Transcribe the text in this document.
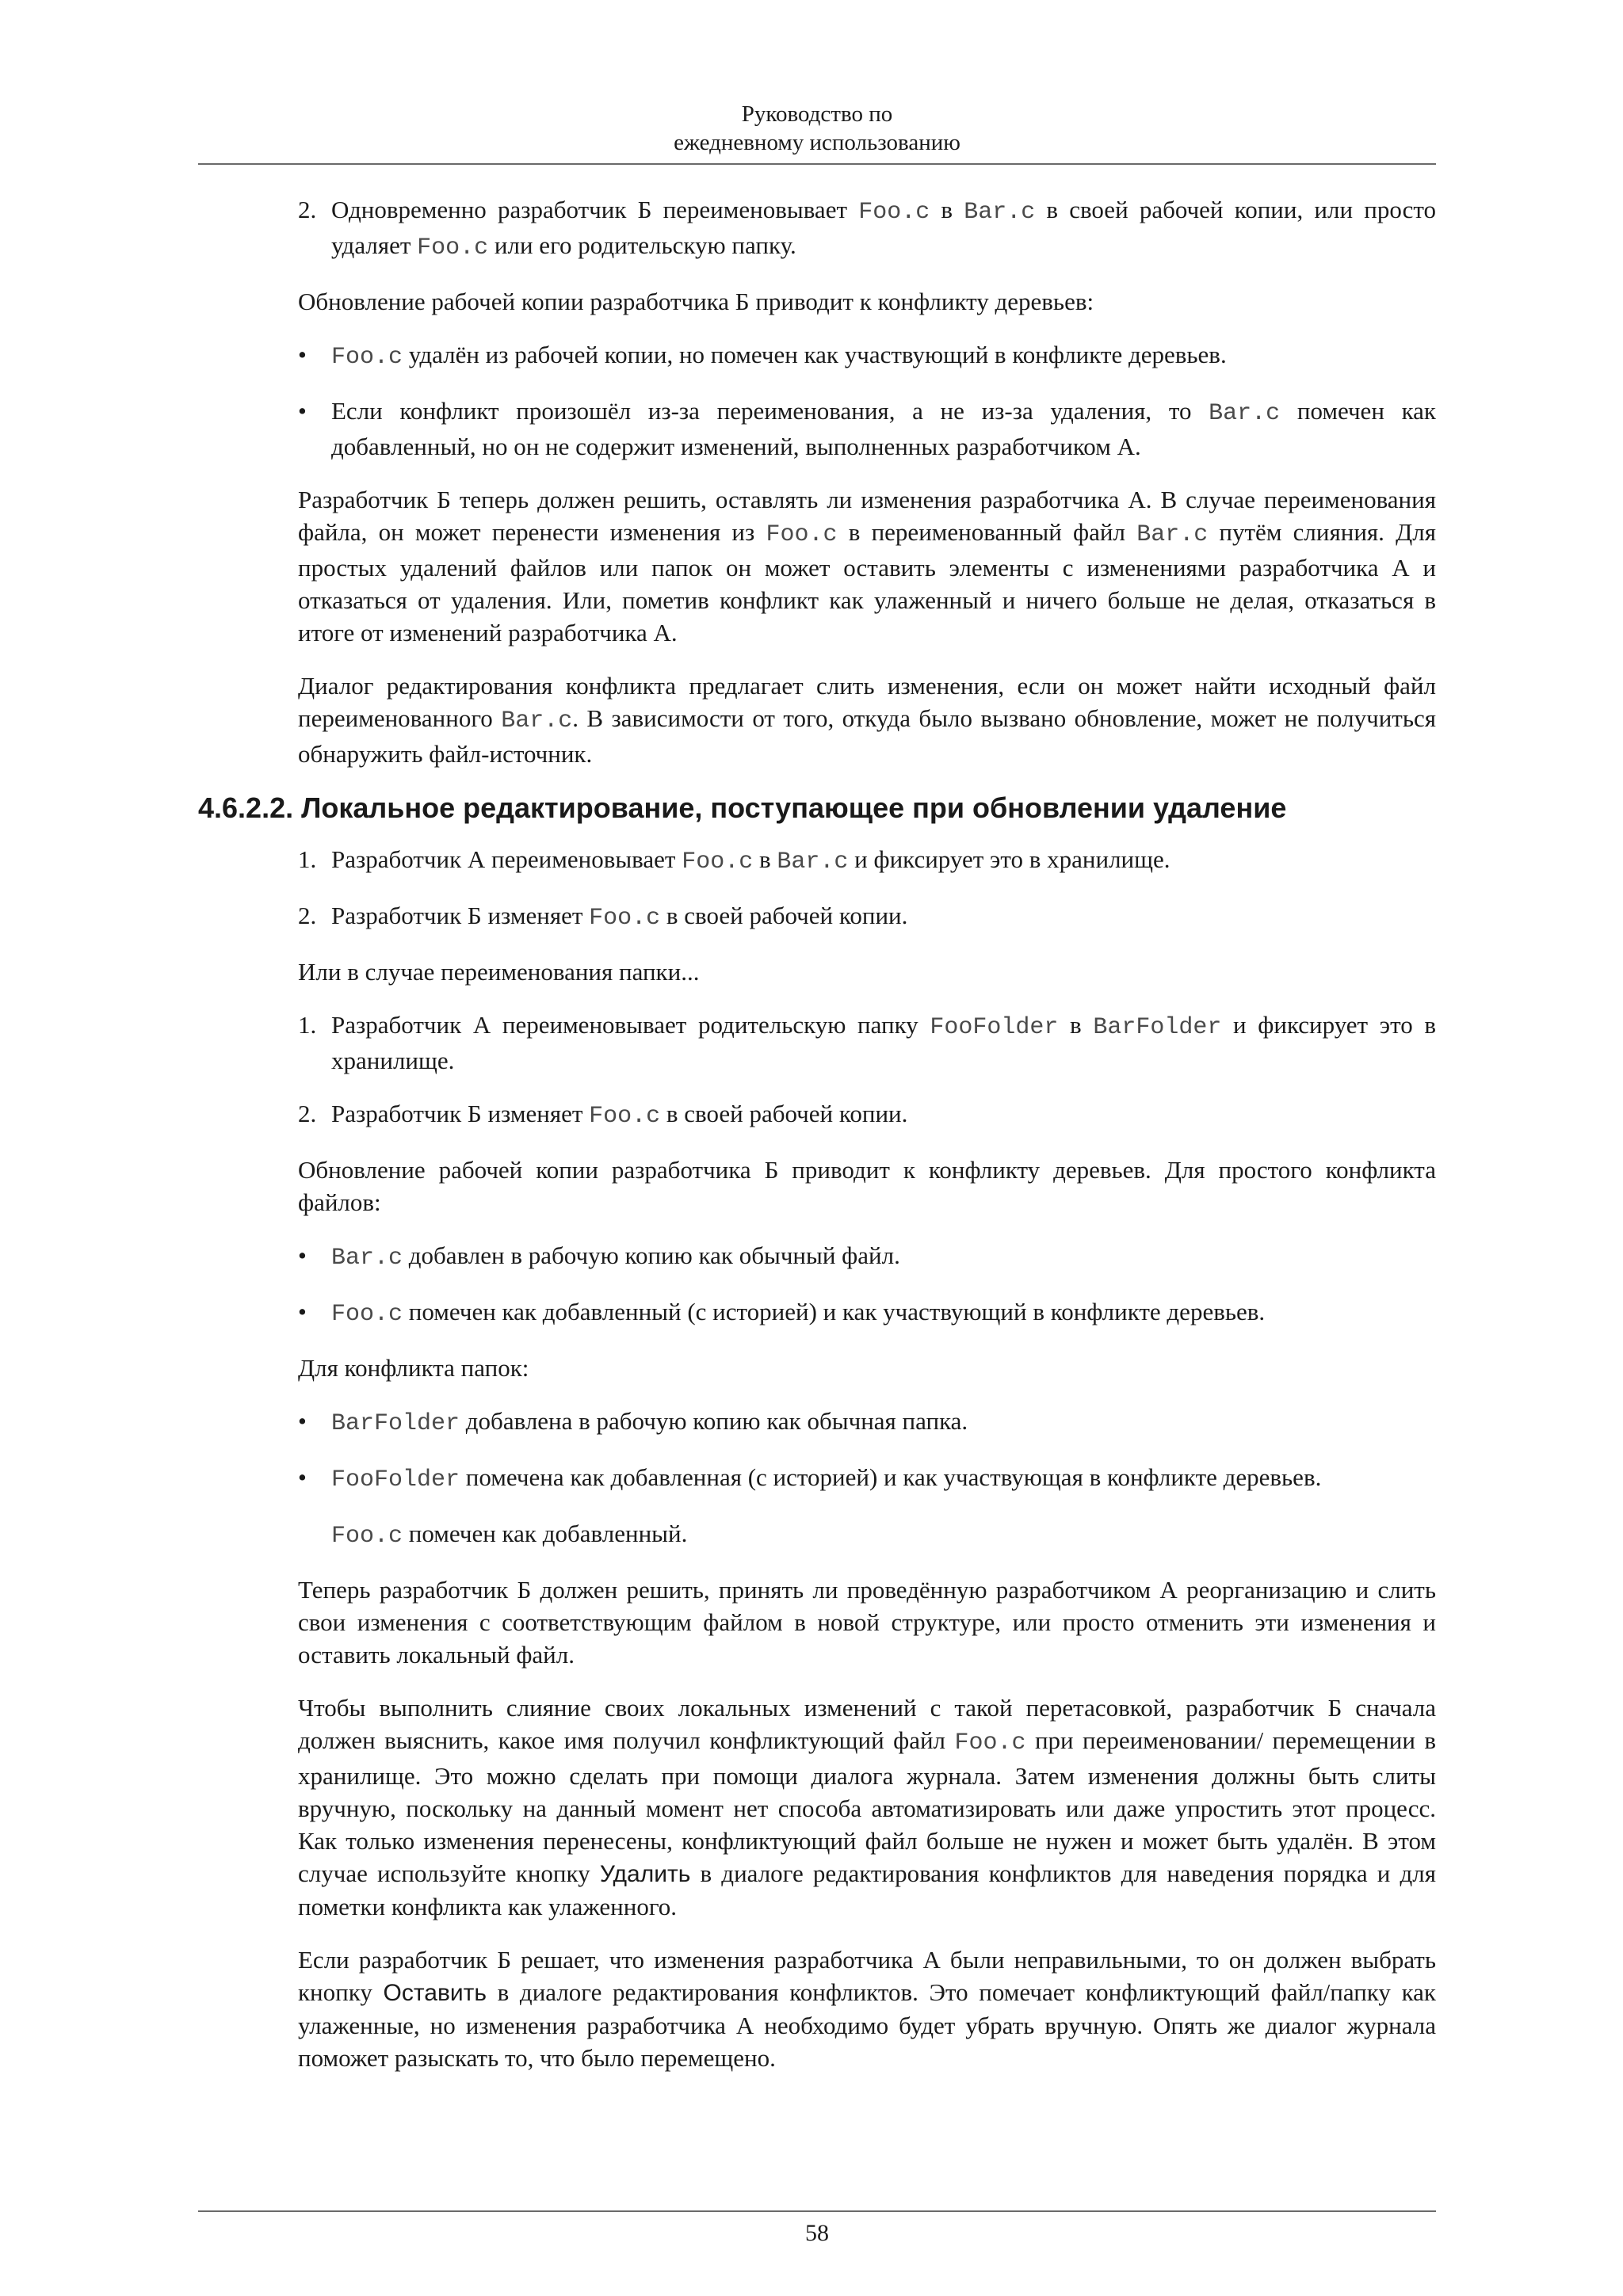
Руководство по
ежедневному использованию
2. Одновременно разработчик Б переименовывает Foo.c в Bar.c в своей рабочей копии, или просто удаляет Foo.c или его родительскую папку.

Обновление рабочей копии разработчика Б приводит к конфликту деревьев:

• Foo.c удалён из рабочей копии, но помечен как участвующий в конфликте деревьев.
• Если конфликт произошёл из-за переименования, а не из-за удаления, то Bar.c помечен как добавленный, но он не содержит изменений, выполненных разработчиком А.

Разработчик Б теперь должен решить, оставлять ли изменения разработчика А. В случае переименования файла, он может перенести изменения из Foo.c в переименованный файл Bar.c путём слияния. Для простых удалений файлов или папок он может оставить элементы с изменениями разработчика А и отказаться от удаления. Или, пометив конфликт как улаженный и ничего больше не делая, отказаться в итоге от изменений разработчика А.

Диалог редактирования конфликта предлагает слить изменения, если он может найти исходный файл переименованного Bar.c. В зависимости от того, откуда было вызвано обновление, может не получиться обнаружить файл-источник.

4.6.2.2. Локальное редактирование, поступающее при обновлении удаление
1. Разработчик А переименовывает Foo.c в Bar.c и фиксирует это в хранилище.
2. Разработчик Б изменяет Foo.c в своей рабочей копии.

Или в случае переименования папки...

1. Разработчик А переименовывает родительскую папку FooFolder в BarFolder и фиксирует это в хранилище.
2. Разработчик Б изменяет Foo.c в своей рабочей копии.

Обновление рабочей копии разработчика Б приводит к конфликту деревьев. Для простого конфликта файлов:

• Bar.c добавлен в рабочую копию как обычный файл.
• Foo.c помечен как добавленный (с историей) и как участвующий в конфликте деревьев.

Для конфликта папок:

• BarFolder добавлена в рабочую копию как обычная папка.
• FooFolder помечена как добавленная (с историей) и как участвующая в конфликте деревьев.
Foo.c помечен как добавленный.

Теперь разработчик Б должен решить, принять ли проведённую разработчиком А реорганизацию и слить свои изменения с соответствующим файлом в новой структуре, или просто отменить эти изменения и оставить локальный файл.

Чтобы выполнить слияние своих локальных изменений с такой перетасовкой, разработчик Б сначала должен выяснить, какое имя получил конфликтующий файл Foo.c при переименовании/ перемещении в хранилище. Это можно сделать при помощи диалога журнала. Затем изменения должны быть слиты вручную, поскольку на данный момент нет способа автоматизировать или даже упростить этот процесс. Как только изменения перенесены, конфликтующий файл больше не нужен и может быть удалён. В этом случае используйте кнопку Удалить в диалоге редактирования конфликтов для наведения порядка и для пометки конфликта как улаженного.

Если разработчик Б решает, что изменения разработчика А были неправильными, то он должен выбрать кнопку Оставить в диалоге редактирования конфликтов. Это помечает конфликтующий файл/папку как улаженные, но изменения разработчика А необходимо будет убрать вручную. Опять же диалог журнала поможет разыскать то, что было перемещено.

58
